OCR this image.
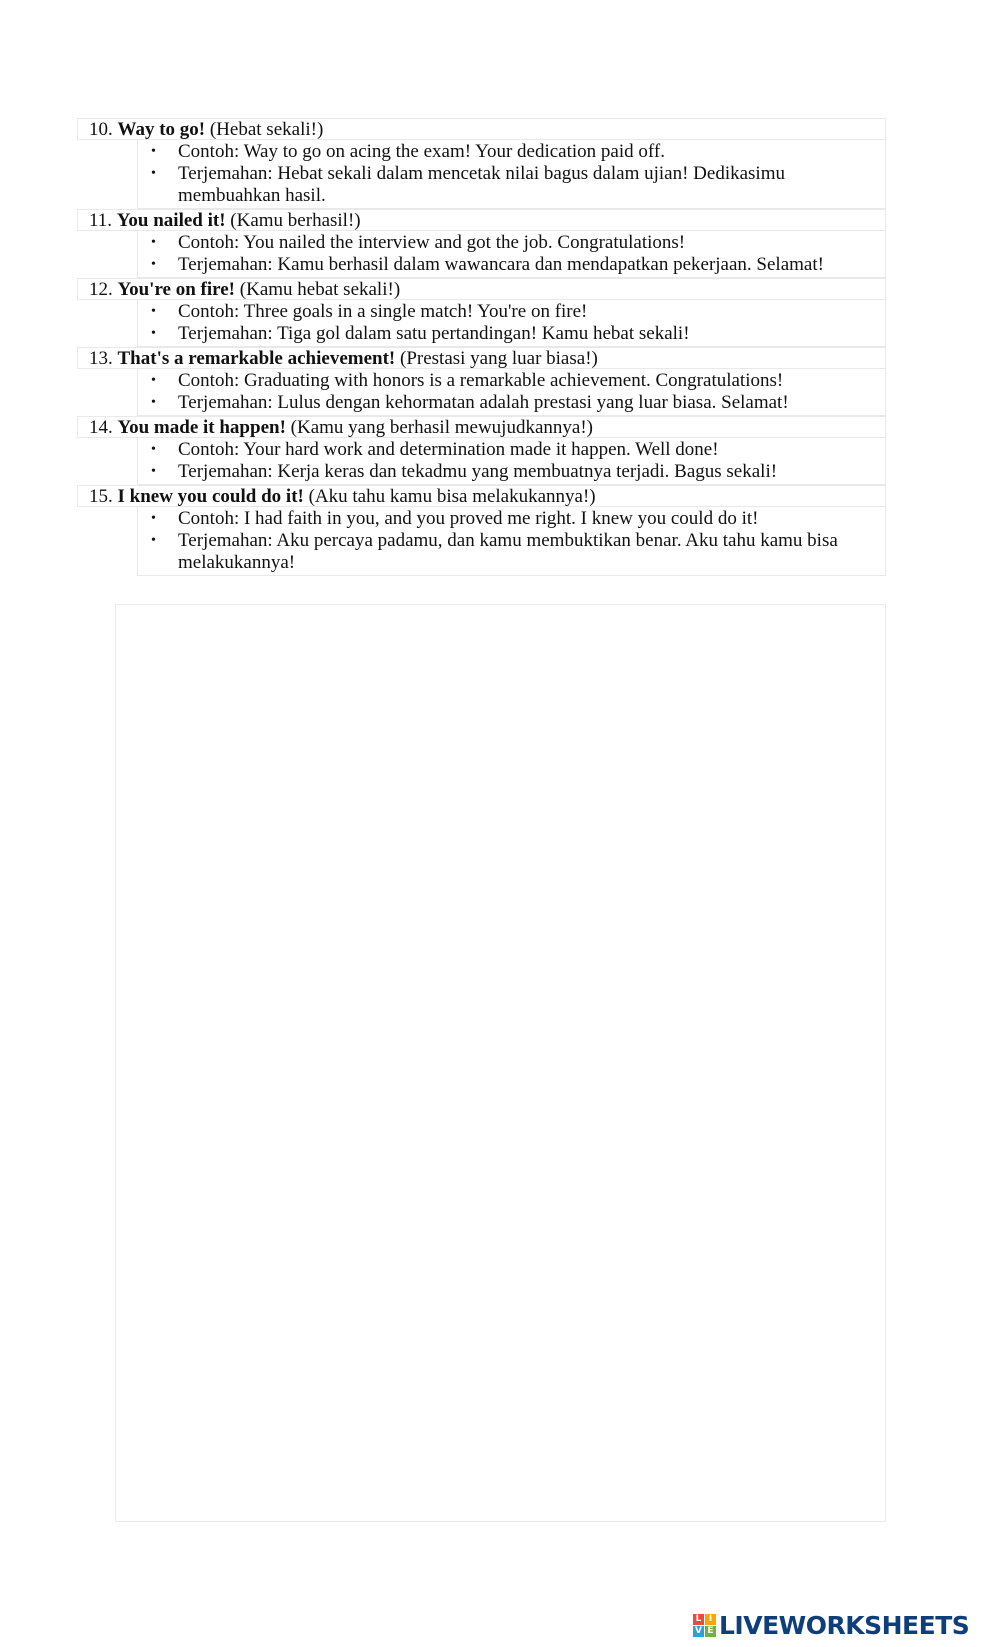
10. Way to go! (Hebat sekali!)
• Contoh: Way to go on acing the exam! Your dedication paid off.
• Terjemahan: Hebat sekali dalam mencetak nilai bagus dalam ujian! Dedikasimu membuahkan hasil.
11. You nailed it! (Kamu berhasil!)
• Contoh: You nailed the interview and got the job. Congratulations!
• Terjemahan: Kamu berhasil dalam wawancara dan mendapatkan pekerjaan. Selamat!
12. You're on fire! (Kamu hebat sekali!)
• Contoh: Three goals in a single match! You're on fire!
• Terjemahan: Tiga gol dalam satu pertandingan! Kamu hebat sekali!
13. That's a remarkable achievement! (Prestasi yang luar biasa!)
• Contoh: Graduating with honors is a remarkable achievement. Congratulations!
• Terjemahan: Lulus dengan kehormatan adalah prestasi yang luar biasa. Selamat!
14. You made it happen! (Kamu yang berhasil mewujudkannya!)
• Contoh: Your hard work and determination made it happen. Well done!
• Terjemahan: Kerja keras dan tekadmu yang membuatnya terjadi. Bagus sekali!
15. I knew you could do it! (Aku tahu kamu bisa melakukannya!)
• Contoh: I had faith in you, and you proved me right. I knew you could do it!
• Terjemahan: Aku percaya padamu, dan kamu membuktikan benar. Aku tahu kamu bisa melakukannya!
L I
V E LIVEWORKSHEETS
